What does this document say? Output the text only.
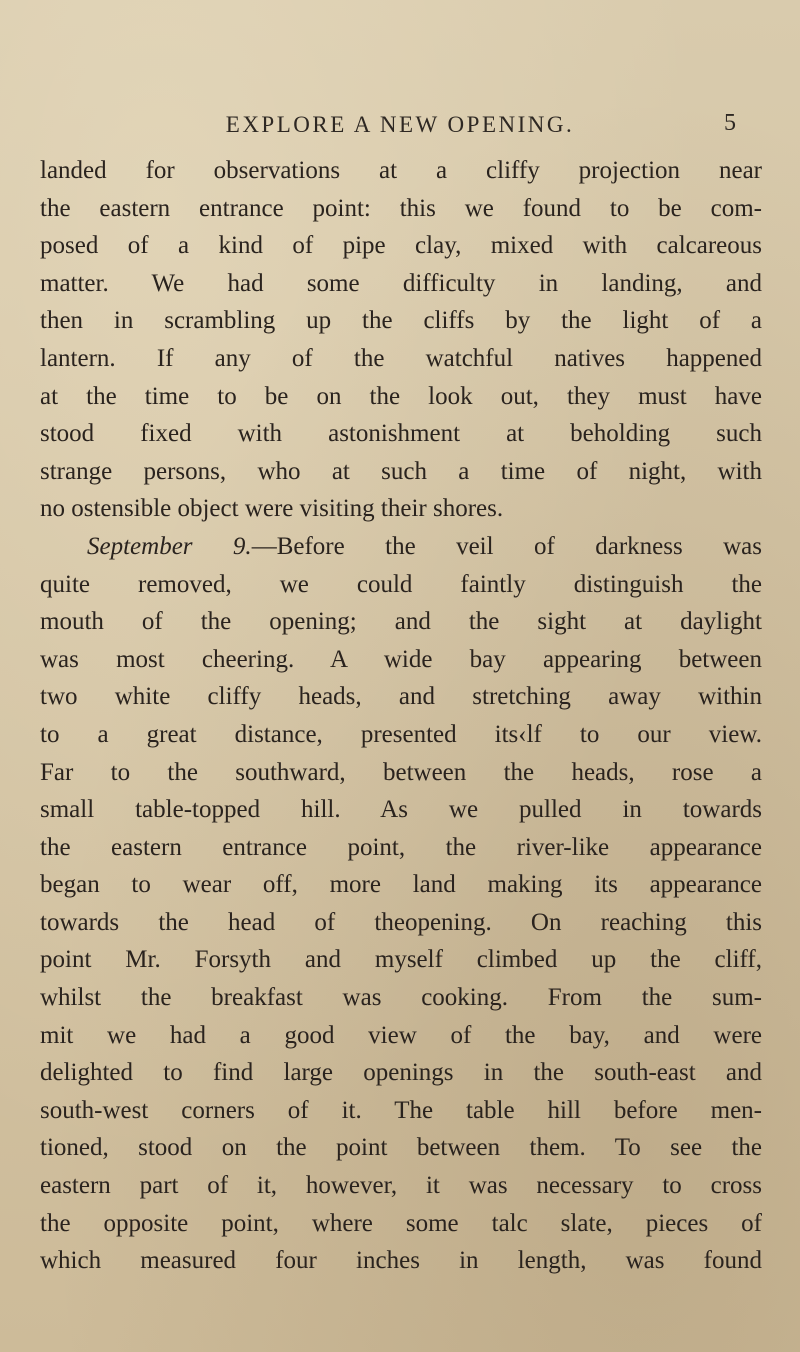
EXPLORE A NEW OPENING.	5
landed for observations at a cliffy projection near
the eastern entrance point: this we found to be com-
posed of a kind of pipe clay, mixed with calcareous
matter. We had some difficulty in landing, and
then in scrambling up the cliffs by the light of a
lantern. If any of the watchful natives happened
at the time to be on the look out, they must have
stood fixed with astonishment at beholding such
strange persons, who at such a time of night, with
no ostensible object were visiting their shores.
September 9.—Before the veil of darkness was
quite removed, we could faintly distinguish the
mouth of the opening; and the sight at daylight
was most cheering. A wide bay appearing between
two white cliffy heads, and stretching away within
to a great distance, presented its‹lf to our view.
Far to the southward, between the heads, rose a
small table-topped hill. As we pulled in towards
the eastern entrance point, the river-like appearance
began to wear off, more land making its appearance
towards the head of theopening. On reaching this
point Mr. Forsyth and myself climbed up the cliff,
whilst the breakfast was cooking. From the sum-
mit we had a good view of the bay, and were
delighted to find large openings in the south-east and
south-west corners of it. The table hill before men-
tioned, stood on the point between them. To see the
eastern part of it, however, it was necessary to cross
the opposite point, where some talc slate, pieces of
which measured four inches in length, was found
